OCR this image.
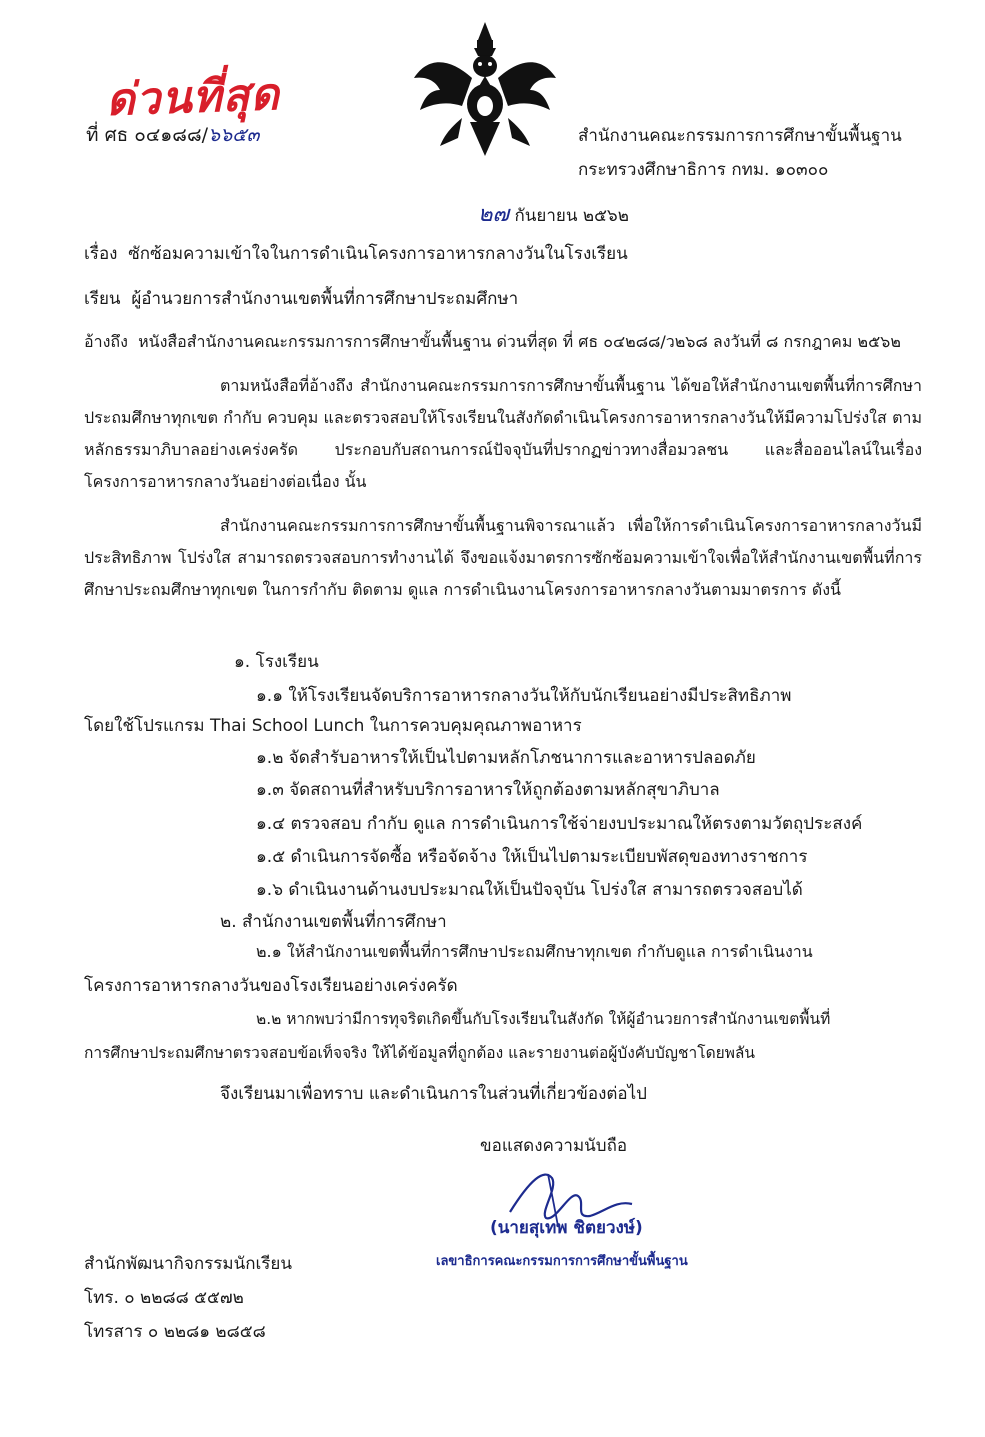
ด่วนที่สุด
ที่ ศธ ๐๔๑๘๘/๖๖๕๓	สำนักงานคณะกรรมการการศึกษาขั้นพื้นฐาน
กระทรวงศึกษาธิการ กทม. ๑๐๓๐๐
๒๗ กันยายน ๒๕๖๒
เรื่อง ซักซ้อมความเข้าใจในการดำเนินโครงการอาหารกลางวันในโรงเรียน
เรียน ผู้อำนวยการสำนักงานเขตพื้นที่การศึกษาประถมศึกษา
อ้างถึง หนังสือสำนักงานคณะกรรมการการศึกษาขั้นพื้นฐาน ด่วนที่สุด ที่ ศธ ๐๔๒๘๘/ว๒๖๘ ลงวันที่ ๘ กรกฎาคม ๒๕๖๒
ตามหนังสือที่อ้างถึง สำนักงานคณะกรรมการการศึกษาขั้นพื้นฐาน ได้ขอให้สำนักงานเขตพื้นที่การศึกษาประถมศึกษาทุกเขต กำกับ ควบคุม และตรวจสอบให้โรงเรียนในสังกัดดำเนินโครงการอาหารกลางวันให้มีความโปร่งใส ตามหลักธรรมาภิบาลอย่างเคร่งครัด ประกอบกับสถานการณ์ปัจจุบันที่ปรากฏข่าวทางสื่อมวลชน และสื่อออนไลน์ในเรื่องโครงการอาหารกลางวันอย่างต่อเนื่อง นั้น
สำนักงานคณะกรรมการการศึกษาขั้นพื้นฐานพิจารณาแล้ว เพื่อให้การดำเนินโครงการอาหารกลางวันมีประสิทธิภาพ โปร่งใส สามารถตรวจสอบการทำงานได้ จึงขอแจ้งมาตรการซักซ้อมความเข้าใจเพื่อให้สำนักงานเขตพื้นที่การศึกษาประถมศึกษาทุกเขต ในการกำกับ ติดตาม ดูแล การดำเนินงานโครงการอาหารกลางวันตามมาตรการ ดังนี้
๑. โรงเรียน
๑.๑ ให้โรงเรียนจัดบริการอาหารกลางวันให้กับนักเรียนอย่างมีประสิทธิภาพ
โดยใช้โปรแกรม Thai School Lunch ในการควบคุมคุณภาพอาหาร
๑.๒ จัดสำรับอาหารให้เป็นไปตามหลักโภชนาการและอาหารปลอดภัย
๑.๓ จัดสถานที่สำหรับบริการอาหารให้ถูกต้องตามหลักสุขาภิบาล
๑.๔ ตรวจสอบ กำกับ ดูแล การดำเนินการใช้จ่ายงบประมาณให้ตรงตามวัตถุประสงค์
๑.๕ ดำเนินการจัดซื้อ หรือจัดจ้าง ให้เป็นไปตามระเบียบพัสดุของทางราชการ
๑.๖ ดำเนินงานด้านงบประมาณให้เป็นปัจจุบัน โปร่งใส สามารถตรวจสอบได้
๒. สำนักงานเขตพื้นที่การศึกษา
๒.๑ ให้สำนักงานเขตพื้นที่การศึกษาประถมศึกษาทุกเขต กำกับดูแล การดำเนินงาน
โครงการอาหารกลางวันของโรงเรียนอย่างเคร่งครัด
๒.๒ หากพบว่ามีการทุจริตเกิดขึ้นกับโรงเรียนในสังกัด ให้ผู้อำนวยการสำนักงานเขตพื้นที่
การศึกษาประถมศึกษาตรวจสอบข้อเท็จจริง ให้ได้ข้อมูลที่ถูกต้อง และรายงานต่อผู้บังคับบัญชาโดยพลัน
จึงเรียนมาเพื่อทราบ และดำเนินการในส่วนที่เกี่ยวข้องต่อไป
ขอแสดงความนับถือ
(นายสุเทพ ชิตยวงษ์)
เลขาธิการคณะกรรมการการศึกษาขั้นพื้นฐาน
สำนักพัฒนากิจกรรมนักเรียน
โทร. ๐ ๒๒๘๘ ๕๕๗๒
โทรสาร ๐ ๒๒๘๑ ๒๘๕๘
